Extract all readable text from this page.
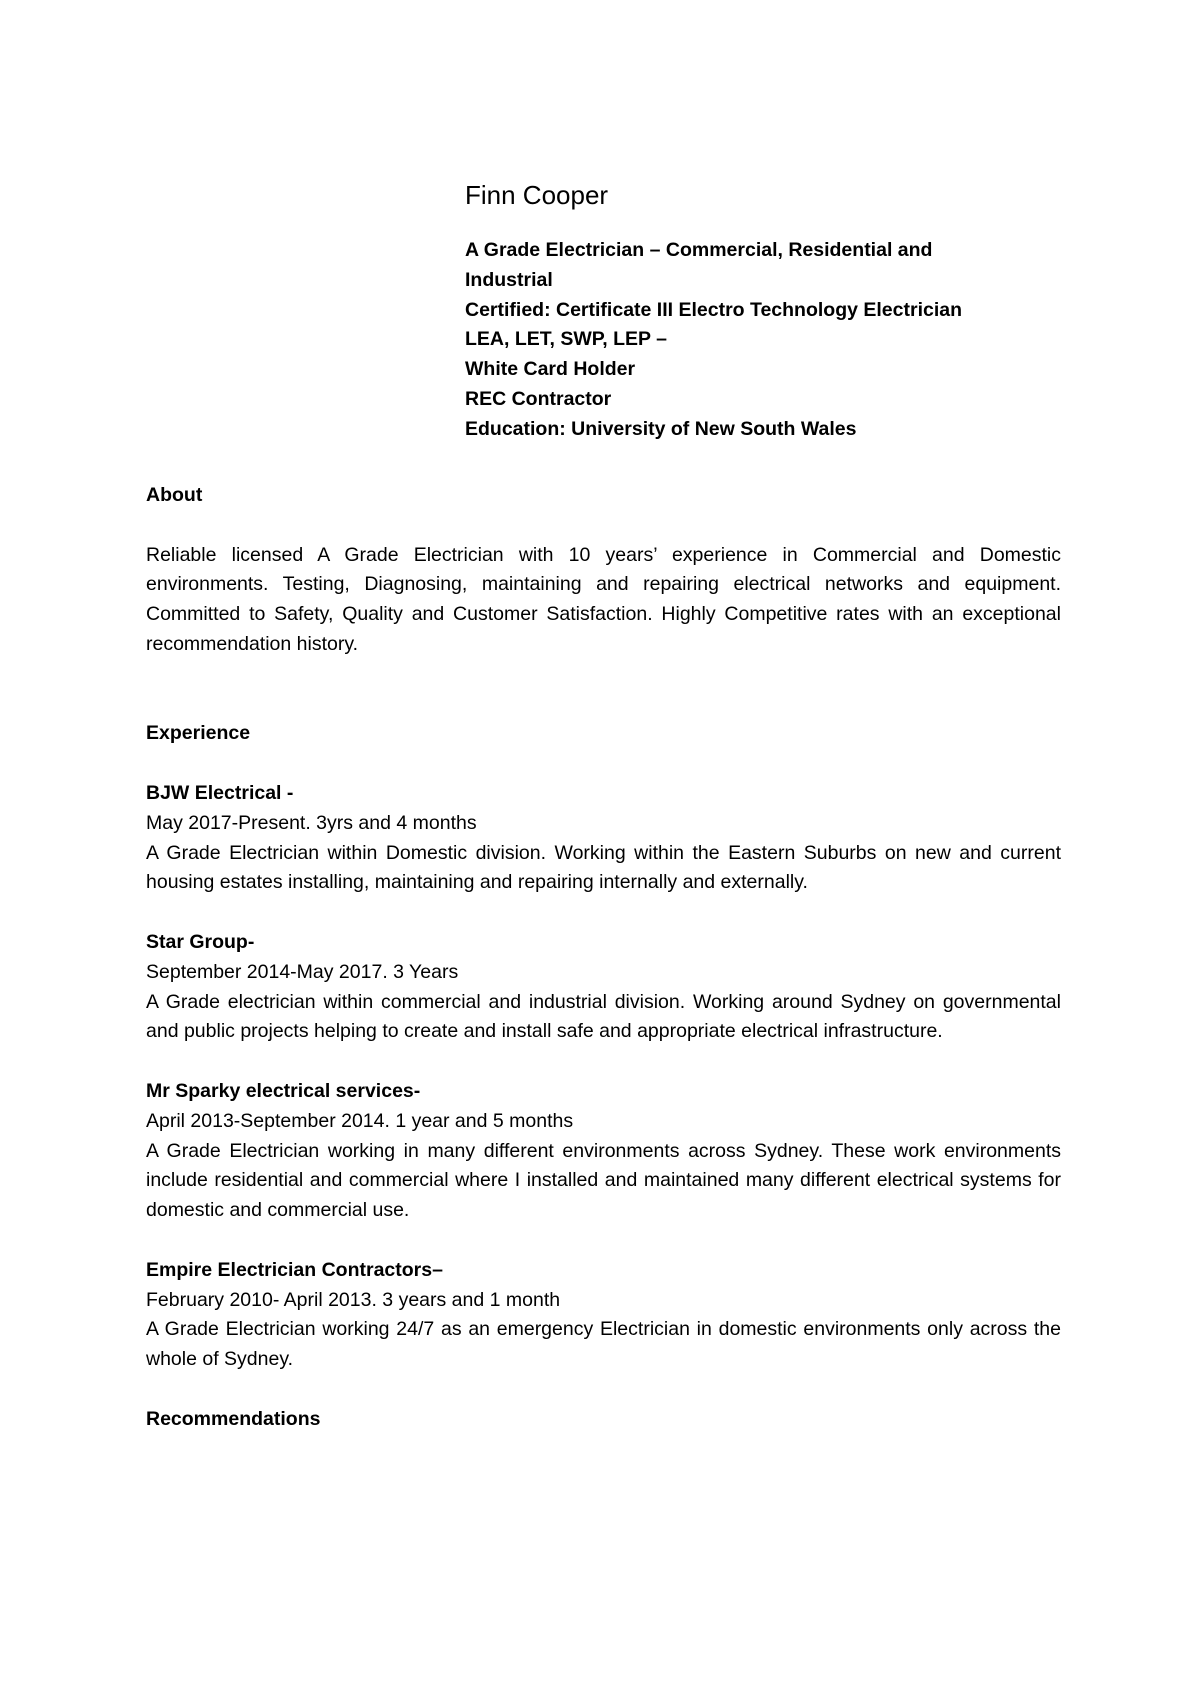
Finn Cooper
A Grade Electrician – Commercial, Residential and
Industrial
Certified: Certificate III Electro Technology Electrician
LEA, LET, SWP, LEP –
White Card Holder
REC Contractor
Education: University of New South Wales
About

Reliable licensed A Grade Electrician with 10 years’ experience in Commercial and Domestic environments. Testing, Diagnosing, maintaining and repairing electrical networks and equipment. Committed to Safety, Quality and Customer Satisfaction. Highly Competitive rates with an exceptional recommendation history.

Experience
BJW Electrical -
May 2017-Present. 3yrs and 4 months
A Grade Electrician within Domestic division. Working within the Eastern Suburbs on new and current housing estates installing, maintaining and repairing internally and externally.
Star Group-
September 2014-May 2017. 3 Years
A Grade electrician within commercial and industrial division. Working around Sydney on governmental and public projects helping to create and install safe and appropriate electrical infrastructure.
Mr Sparky electrical services-
April 2013-September 2014. 1 year and 5 months
A Grade Electrician working in many different environments across Sydney. These work environments include residential and commercial where I installed and maintained many different electrical systems for domestic and commercial use.
Empire Electrician Contractors–
February 2010- April 2013. 3 years and 1 month
A Grade Electrician working 24/7 as an emergency Electrician in domestic environments only across the whole of Sydney.
Recommendations
